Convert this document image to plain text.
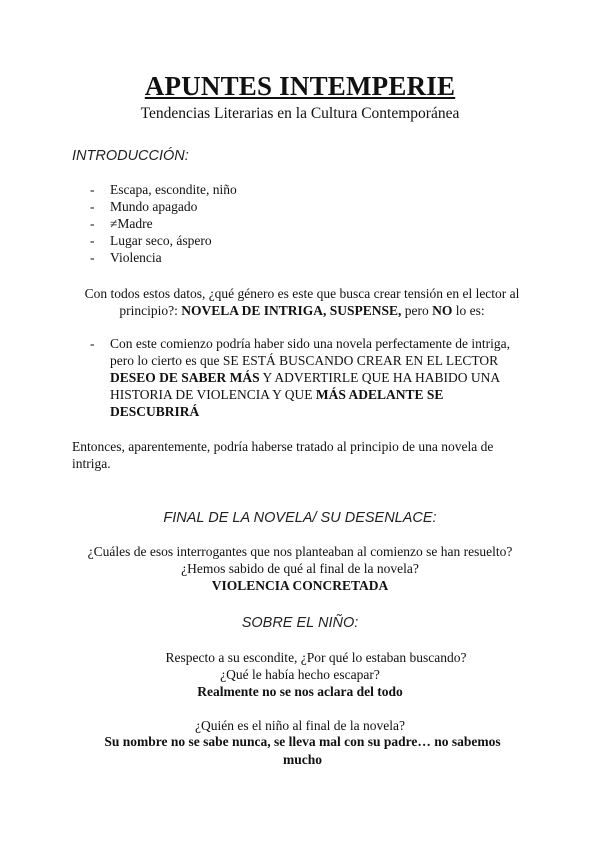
APUNTES INTEMPERIE
Tendencias Literarias en la Cultura Contemporánea
INTRODUCCIÓN:
- Escapa, escondite, niño
- Mundo apagado
- ≠Madre
- Lugar seco, áspero
- Violencia
Con todos estos datos, ¿qué género es este que busca crear tensión en el lector al principio?: NOVELA DE INTRIGA, SUSPENSE, pero NO lo es:
- Con este comienzo podría haber sido una novela perfectamente de intriga, pero lo cierto es que SE ESTÁ BUSCANDO CREAR EN EL LECTOR DESEO DE SABER MÁS Y ADVERTIRLE QUE HA HABIDO UNA HISTORIA DE VIOLENCIA Y QUE MÁS ADELANTE SE DESCUBRIRÁ
Entonces, aparentemente, podría haberse tratado al principio de una novela de intriga.
FINAL DE LA NOVELA/ SU DESENLACE:
¿Cuáles de esos interrogantes que nos planteaban al comienzo se han resuelto?
¿Hemos sabido de qué al final de la novela?
VIOLENCIA CONCRETADA
SOBRE EL NIÑO:
Respecto a su escondite, ¿Por qué lo estaban buscando?
¿Qué le había hecho escapar?
Realmente no se nos aclara del todo
¿Quién es el niño al final de la novela?
Su nombre no se sabe nunca, se lleva mal con su padre… no sabemos mucho
